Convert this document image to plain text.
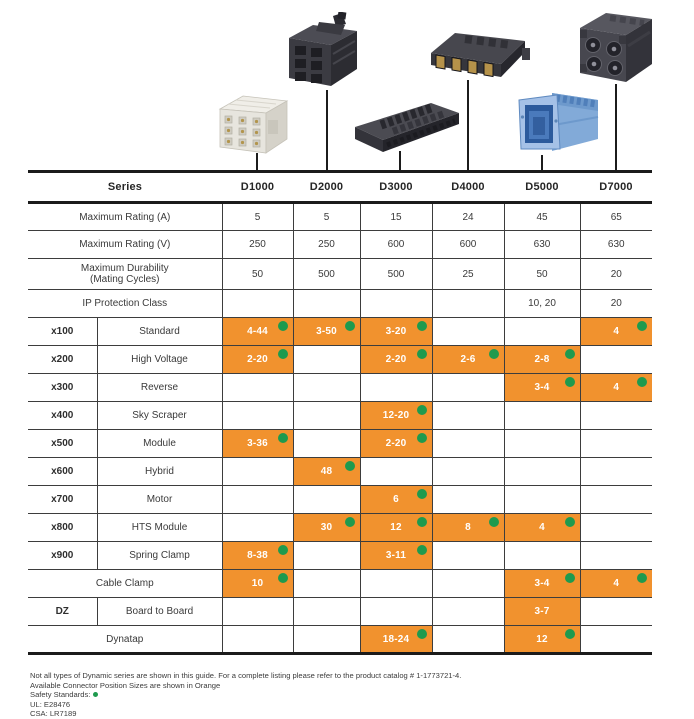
Series		D1000	D2000	D3000	D4000	D5000	D7000
Maximum Rating (A)		5	5	15	24	45	65
Maximum Rating (V)		250	250	600	600	630	630

Maximum Durability
(Mating Cycles)		50	500	500	25	50	20
IP Protection Class						10, 20	20
x100	Standard	4-44	3-50	3-20			4

x200	High Voltage	2-20		2-20	2-6	2-8

x300	Reverse					3-4	4

x400	Sky Scraper			12-20

x500	Module	3-36		2-20

x600	Hybrid		48

x700	Motor			6

x800	HTS Module		30	12	8	4

x900	Spring Clamp	8-38		3-11

Cable Clamp		10				3-4	4

DZ	Board to Board					3-7	
Dynatap				18-24		12

Not all types of Dynamic series are shown in this guide. For a complete listing please refer to the product catalog # 1-1773721-4.
Available Connector Position Sizes are shown in Orange
Safety Standards:
UL: E28476
CSA: LR7189
